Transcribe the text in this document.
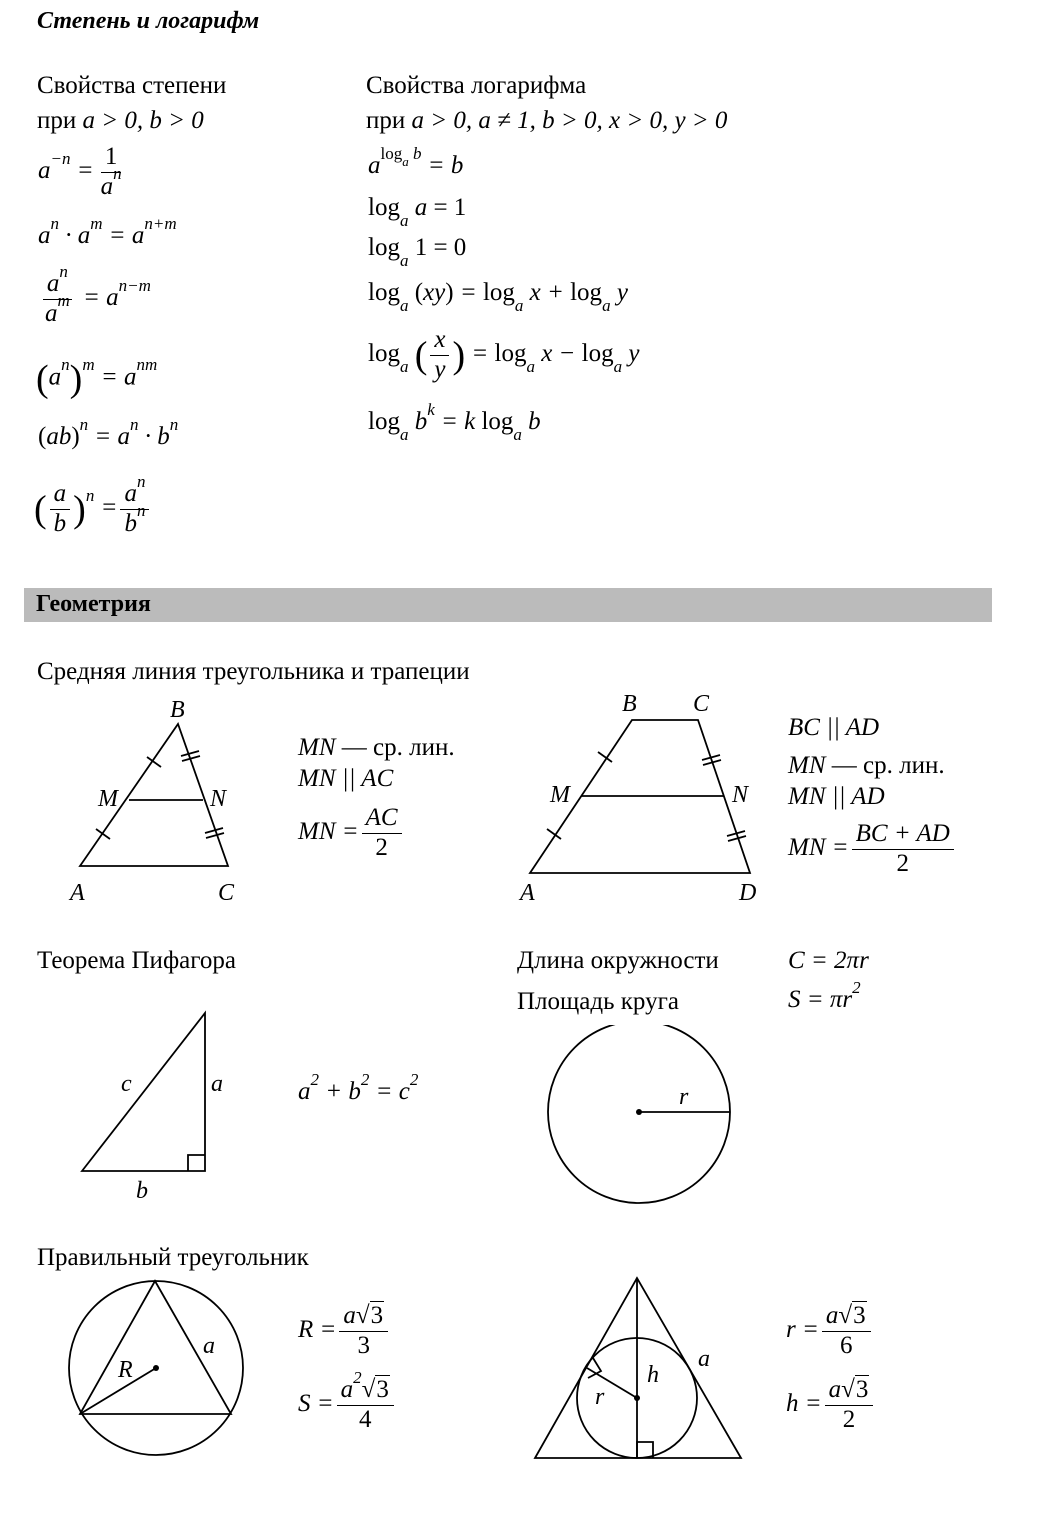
Степень и логарифм
Свойства степени
при a > 0, b > 0
$a^{-n} = \frac{1}{a^n}$
$a^n \cdot a^m = a^{n+m}$
$\frac{a^n}{a^m} = a^{n-m}$
$(a^n)^m = a^{nm}$
$(ab)^n = a^n \cdot b^n$
( $\frac{a}{b} )^n = \frac{a^n}{b^n}$
Свойства логарифма
при a > 0, a ≠ 1, b > 0, x > 0, y > 0
$a^{log_a b} = b$
$\log_a a = 1$
$\log_a 1 = 0$
$\log_a (xy) = \log_a x + \log_a y$
$\log_a$ ( $\frac{x}{y}$ ) = $\log_a x - \log_a y$
$\log_a b^k = k$ $\log_a b$
Геометрия
Средняя линия треугольника и трапеции
B
M	N
A	C
MN — ср. лин.
MN || AC
MN = $\frac{AC}{2}$
B C
M	N
A	D
BC || AD
MN — ср. лин.
MN || AD
MN = $\frac{BC + AD}{2}$
Теорема Пифагора
c	a
b
$a^2 + b^2 = c^2$
Длина окружности	C = 2πr
Площадь круга	$S = \pi r^2$
r
Правильный треугольник
R
a
$R = \frac{a√3}{3}$
$S = \frac{a^2√3}{4}$	r
h
a
$r = \frac{a√3}{6}$
$h = \frac{a√3}{2}$
